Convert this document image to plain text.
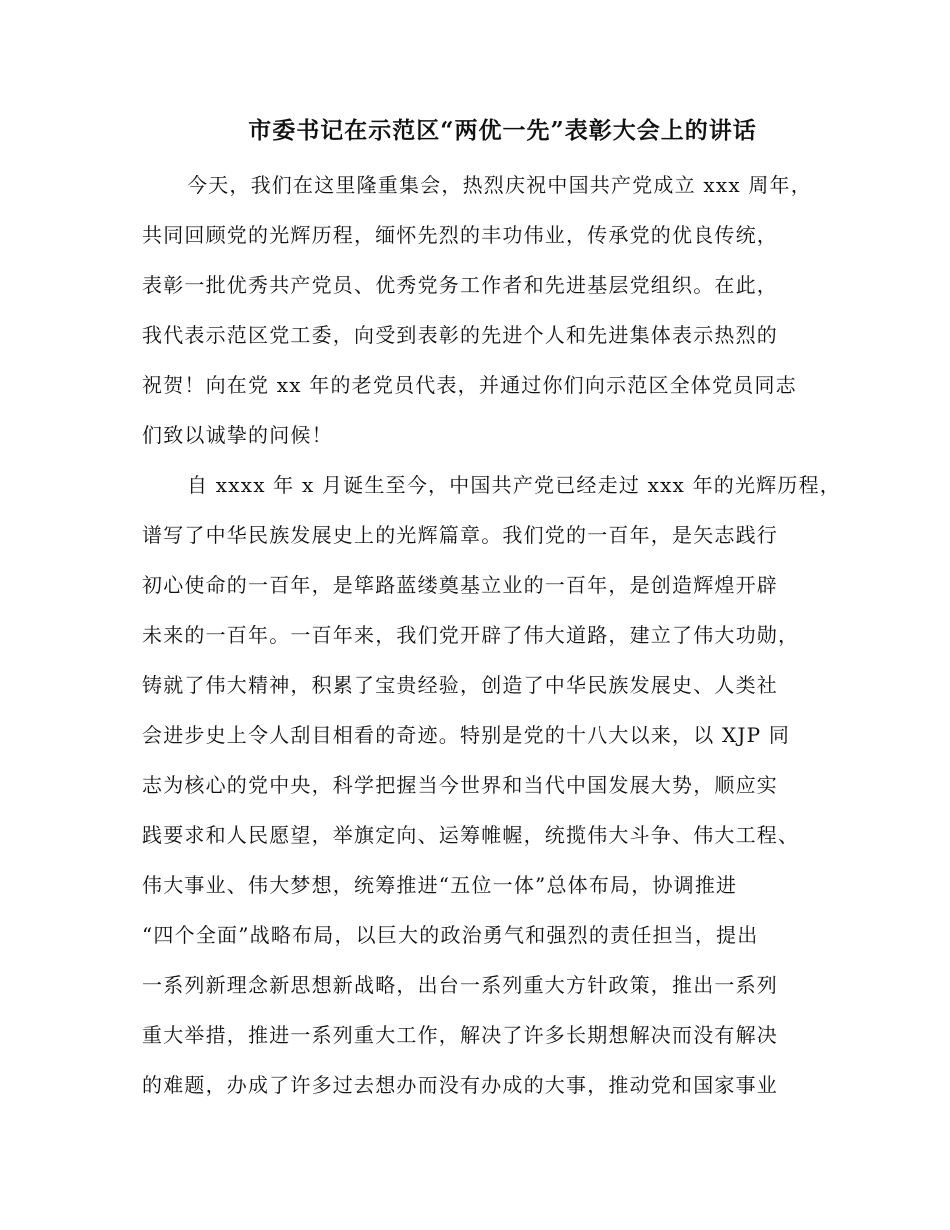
市委书记在示范区“两优一先”表彰大会上的讲话
今天，我们在这里隆重集会，热烈庆祝中国共产党成立 xxx 周年，
共同回顾党的光辉历程，缅怀先烈的丰功伟业，传承党的优良传统，
表彰一批优秀共产党员、优秀党务工作者和先进基层党组织。在此，
我代表示范区党工委，向受到表彰的先进个人和先进集体表示热烈的
祝贺！向在党 xx 年的老党员代表，并通过你们向示范区全体党员同志
们致以诚挚的问候！
自 xxxx 年 x 月诞生至今，中国共产党已经走过 xxx 年的光辉历程，
谱写了中华民族发展史上的光辉篇章。我们党的一百年，是矢志践行
初心使命的一百年，是筚路蓝缕奠基立业的一百年，是创造辉煌开辟
未来的一百年。一百年来，我们党开辟了伟大道路，建立了伟大功勋，
铸就了伟大精神，积累了宝贵经验，创造了中华民族发展史、人类社
会进步史上令人刮目相看的奇迹。特别是党的十八大以来，以 XJP 同
志为核心的党中央，科学把握当今世界和当代中国发展大势，顺应实
践要求和人民愿望，举旗定向、运筹帷幄，统揽伟大斗争、伟大工程、
伟大事业、伟大梦想，统筹推进“五位一体”总体布局，协调推进
“四个全面”战略布局，以巨大的政治勇气和强烈的责任担当，提出
一系列新理念新思想新战略，出台一系列重大方针政策，推出一系列
重大举措，推进一系列重大工作，解决了许多长期想解决而没有解决
的难题，办成了许多过去想办而没有办成的大事，推动党和国家事业
